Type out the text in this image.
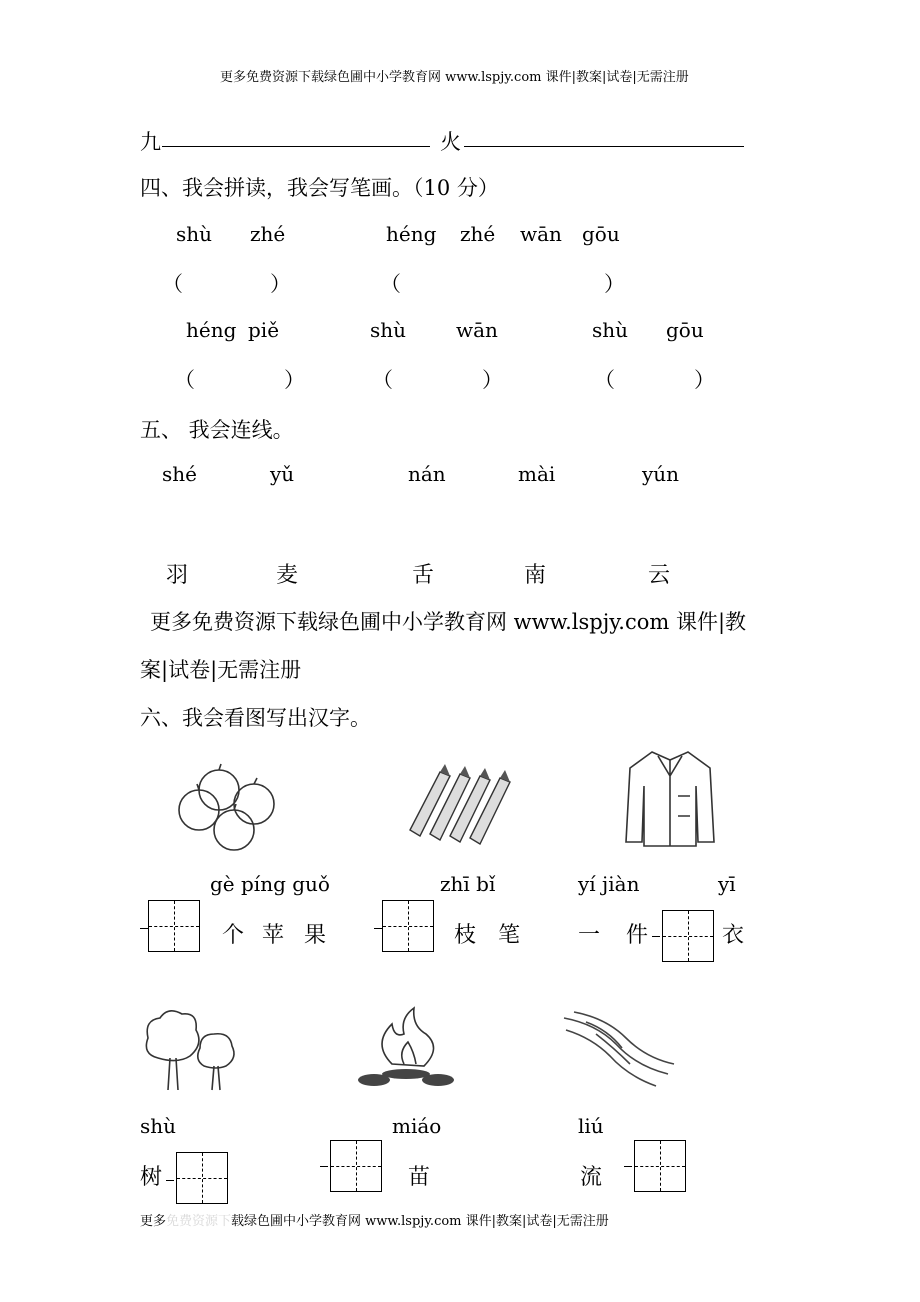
更多免费资源下载绿色圃中小学教育网 www.lspjy.com 课件|教案|试卷|无需注册
九	火
四、我会拼读，我会写笔画。（10 分）
shù zhé	héng zhé wān gōu
（	）	（	）
héng piě	shù wān	shù gōu
（	）	（	）	（	）
五、 我会连线。
shé	yǔ	nán	mài	yún
羽	麦	舌	南	云
更多免费资源下载绿色圃中小学教育网 www.lspjy.com 课件|教
案|试卷|无需注册
六、我会看图写出汉字。
gè píng guǒ
个 苹 果
zhī bǐ
枝 笔
yí jiàn	yī
一 件	衣
shù
树
miáo
苗
liú
流
更多免费资源下载绿色圃中小学教育网 www.lspjy.com 课件|教案|试卷|无需注册
